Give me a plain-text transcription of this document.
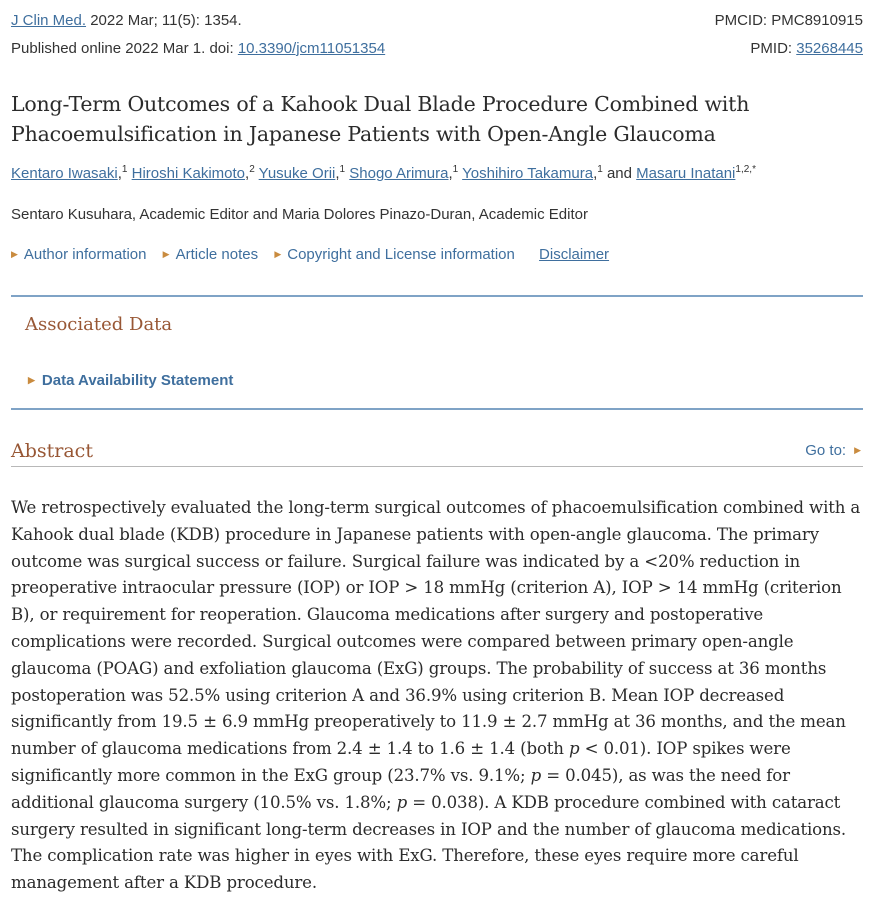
J Clin Med. 2022 Mar; 11(5): 1354.	PMCID: PMC8910915
Published online 2022 Mar 1. doi: 10.3390/jcm11051354	PMID: 35268445
Long-Term Outcomes of a Kahook Dual Blade Procedure Combined with
Phacoemulsification in Japanese Patients with Open-Angle Glaucoma
Kentaro Iwasaki,$^1$ Hiroshi Kakimoto,$^2$ Yusuke Orii,$^1$ Shogo Arimura,$^1$ Yoshihiro Takamura,$^1$ and Masaru Inatani$^{1,2,*}$
Sentaro Kusuhara, Academic Editor and Maria Dolores Pinazo-Duran, Academic Editor
▶ Author information ▶ Article notes ▶ Copyright and License information Disclaimer
Associated Data
▶ Data Availability Statement
Abstract	Go to: ▶

We retrospectively evaluated the long-term surgical outcomes of phacoemulsification combined with a Kahook dual blade (KDB) procedure in Japanese patients with open-angle glaucoma. The primary outcome was surgical success or failure. Surgical failure was indicated by a <20% reduction in preoperative intraocular pressure (IOP) or IOP > 18 mmHg (criterion A), IOP > 14 mmHg (criterion B), or requirement for reoperation. Glaucoma medications after surgery and postoperative complications were recorded. Surgical outcomes were compared between primary open-angle glaucoma (POAG) and exfoliation glaucoma (ExG) groups. The probability of success at 36 months postoperation was 52.5% using criterion A and 36.9% using criterion B. Mean IOP decreased significantly from 19.5 ± 6.9 mmHg preoperatively to 11.9 ± 2.7 mmHg at 36 months, and the mean number of glaucoma medications from 2.4 ± 1.4 to 1.6 ± 1.4 (both p < 0.01). IOP spikes were significantly more common in the ExG group (23.7% vs. 9.1%; p = 0.045), as was the need for additional glaucoma surgery (10.5% vs. 1.8%; p = 0.038). A KDB procedure combined with cataract surgery resulted in significant long-term decreases in IOP and the number of glaucoma medications. The complication rate was higher in eyes with ExG. Therefore, these eyes require more careful management after a KDB procedure.
